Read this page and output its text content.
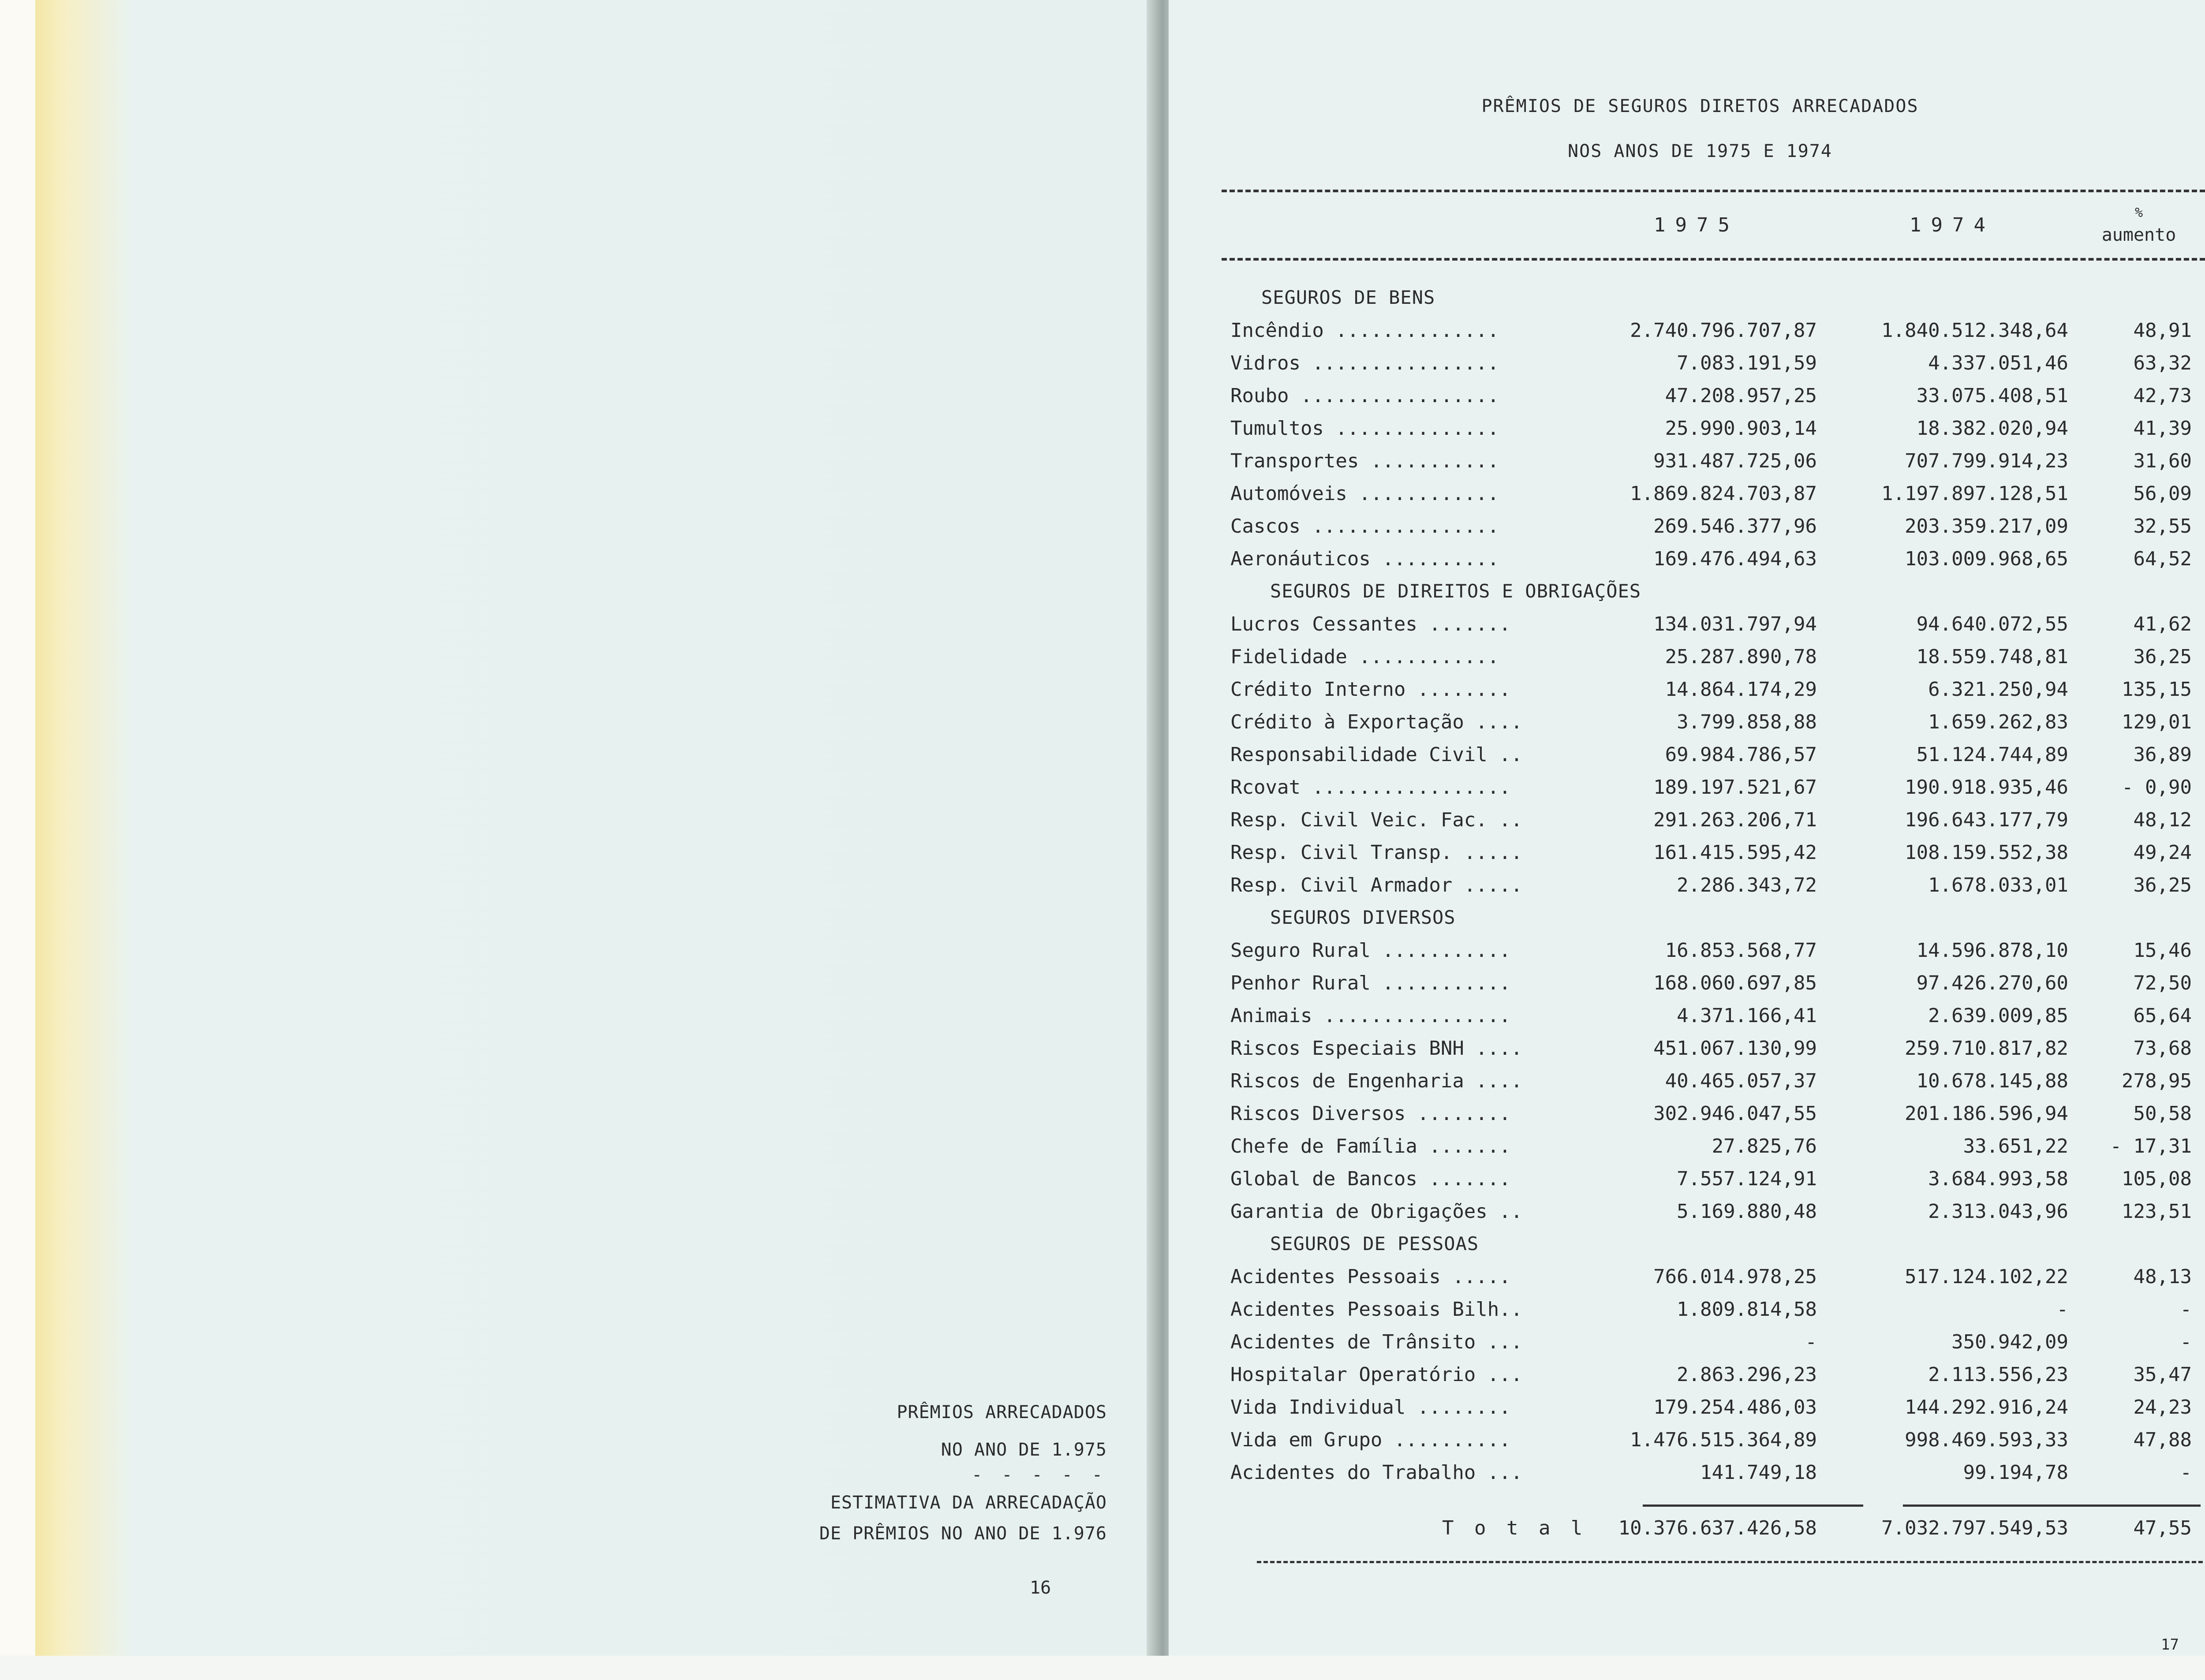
PRÊMIOS ARRECADADOS
NO ANO DE 1.975
- - - - -
ESTIMATIVA DA ARRECADAÇÃO
DE PRÊMIOS NO ANO DE 1.976
16
PRÊMIOS DE SEGUROS DIRETOS ARRECADADOS
NOS ANOS DE 1975 E 1974
1975	1974
%
aumento
SEGUROS DE BENS
Incêndio ..............	2.740.796.707,87	1.840.512.348,64	48,91
Vidros ................	7.083.191,59	4.337.051,46	63,32
Roubo .................	47.208.957,25	33.075.408,51	42,73
Tumultos ..............	25.990.903,14	18.382.020,94	41,39
Transportes ...........	931.487.725,06	707.799.914,23	31,60
Automóveis ............	1.869.824.703,87	1.197.897.128,51	56,09
Cascos ................	269.546.377,96	203.359.217,09	32,55
Aeronáuticos ..........	169.476.494,63	103.009.968,65	64,52
SEGUROS DE DIREITOS E OBRIGAÇÕES
Lucros Cessantes .......	134.031.797,94	94.640.072,55	41,62
Fidelidade ............	25.287.890,78	18.559.748,81	36,25
Crédito Interno ........	14.864.174,29	6.321.250,94	135,15
Crédito à Exportação ....	3.799.858,88	1.659.262,83	129,01
Responsabilidade Civil ..	69.984.786,57	51.124.744,89	36,89
Rcovat .................	189.197.521,67	190.918.935,46	- 0,90
Resp. Civil Veic. Fac. ..	291.263.206,71	196.643.177,79	48,12
Resp. Civil Transp. .....	161.415.595,42	108.159.552,38	49,24
Resp. Civil Armador .....	2.286.343,72	1.678.033,01	36,25
SEGUROS DIVERSOS
Seguro Rural ...........	16.853.568,77	14.596.878,10	15,46
Penhor Rural ...........	168.060.697,85	97.426.270,60	72,50
Animais ................	4.371.166,41	2.639.009,85	65,64
Riscos Especiais BNH ....	451.067.130,99	259.710.817,82	73,68
Riscos de Engenharia ....	40.465.057,37	10.678.145,88	278,95
Riscos Diversos ........	302.946.047,55	201.186.596,94	50,58
Chefe de Família .......	27.825,76	33.651,22 - 17,31
Global de Bancos .......	7.557.124,91	3.684.993,58	105,08
Garantia de Obrigações ..	5.169.880,48	2.313.043,96	123,51
SEGUROS DE PESSOAS
Acidentes Pessoais .....	766.014.978,25	517.124.102,22	48,13
Acidentes Pessoais Bilh..	1.809.814,58	-	-
Acidentes de Trânsito ...	-	350.942,09	-
Hospitalar Operatório ...	2.863.296,23	2.113.556,23	35,47
Vida Individual ........	179.254.486,03	144.292.916,24	24,23
Vida em Grupo ..........	1.476.515.364,89	998.469.593,33	47,88
Acidentes do Trabalho ...	141.749,18	99.194,78	-
T o t a l 10.376.637.426,58	7.032.797.549,53	47,55
17
